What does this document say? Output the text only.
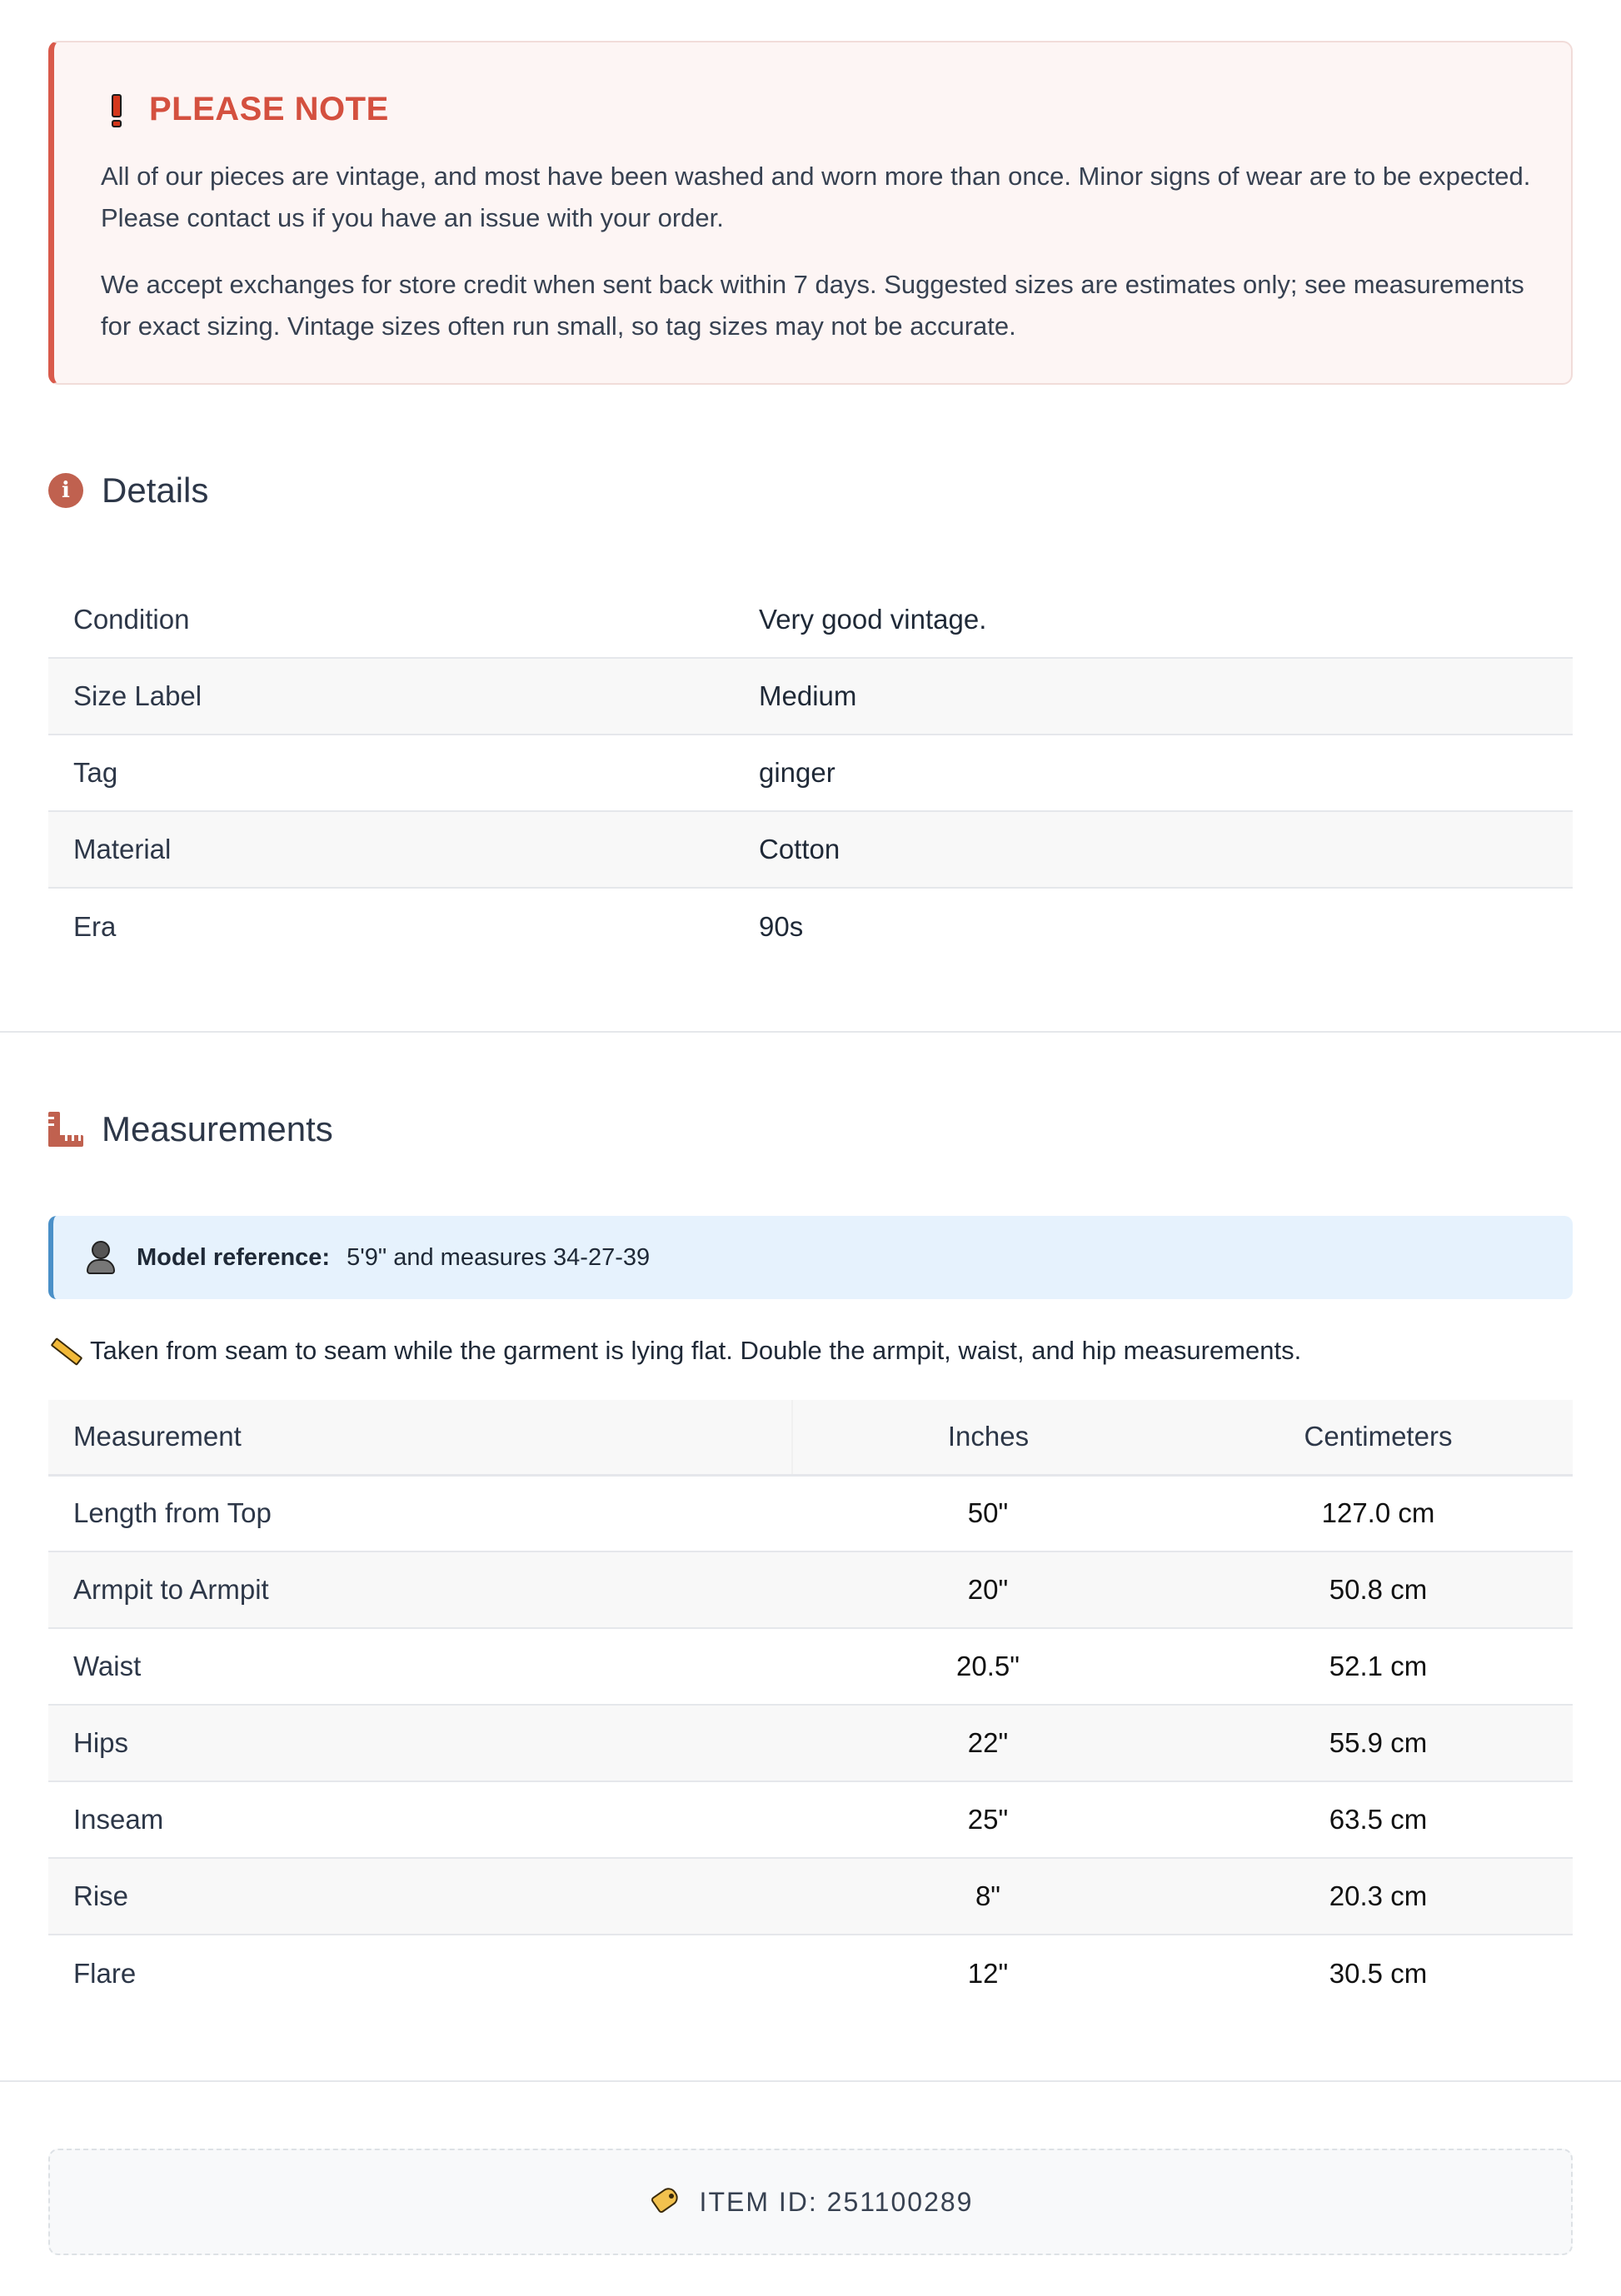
PLEASE NOTE

All of our pieces are vintage, and most have been washed and worn more than once. Minor signs of wear are to be expected. Please contact us if you have an issue with your order.

We accept exchanges for store credit when sent back within 7 days. Suggested sizes are estimates only; see measurements for exact sizing. Vintage sizes often run small, so tag sizes may not be accurate.

i Details
Condition	Very good vintage.
Size Label	Medium
Tag	ginger
Material	Cotton
Era	90s
Measurements
Model reference: 5'9" and measures 34-27-39
Taken from seam to seam while the garment is lying flat. Double the armpit, waist, and hip measurements.
Measurement	Inches	Centimeters
Length from Top	50"	127.0 cm
Armpit to Armpit	20"	50.8 cm
Waist	20.5"	52.1 cm
Hips	22"	55.9 cm
Inseam	25"	63.5 cm
Rise	8"	20.3 cm
Flare	12"	30.5 cm
ITEM ID: 251100289
